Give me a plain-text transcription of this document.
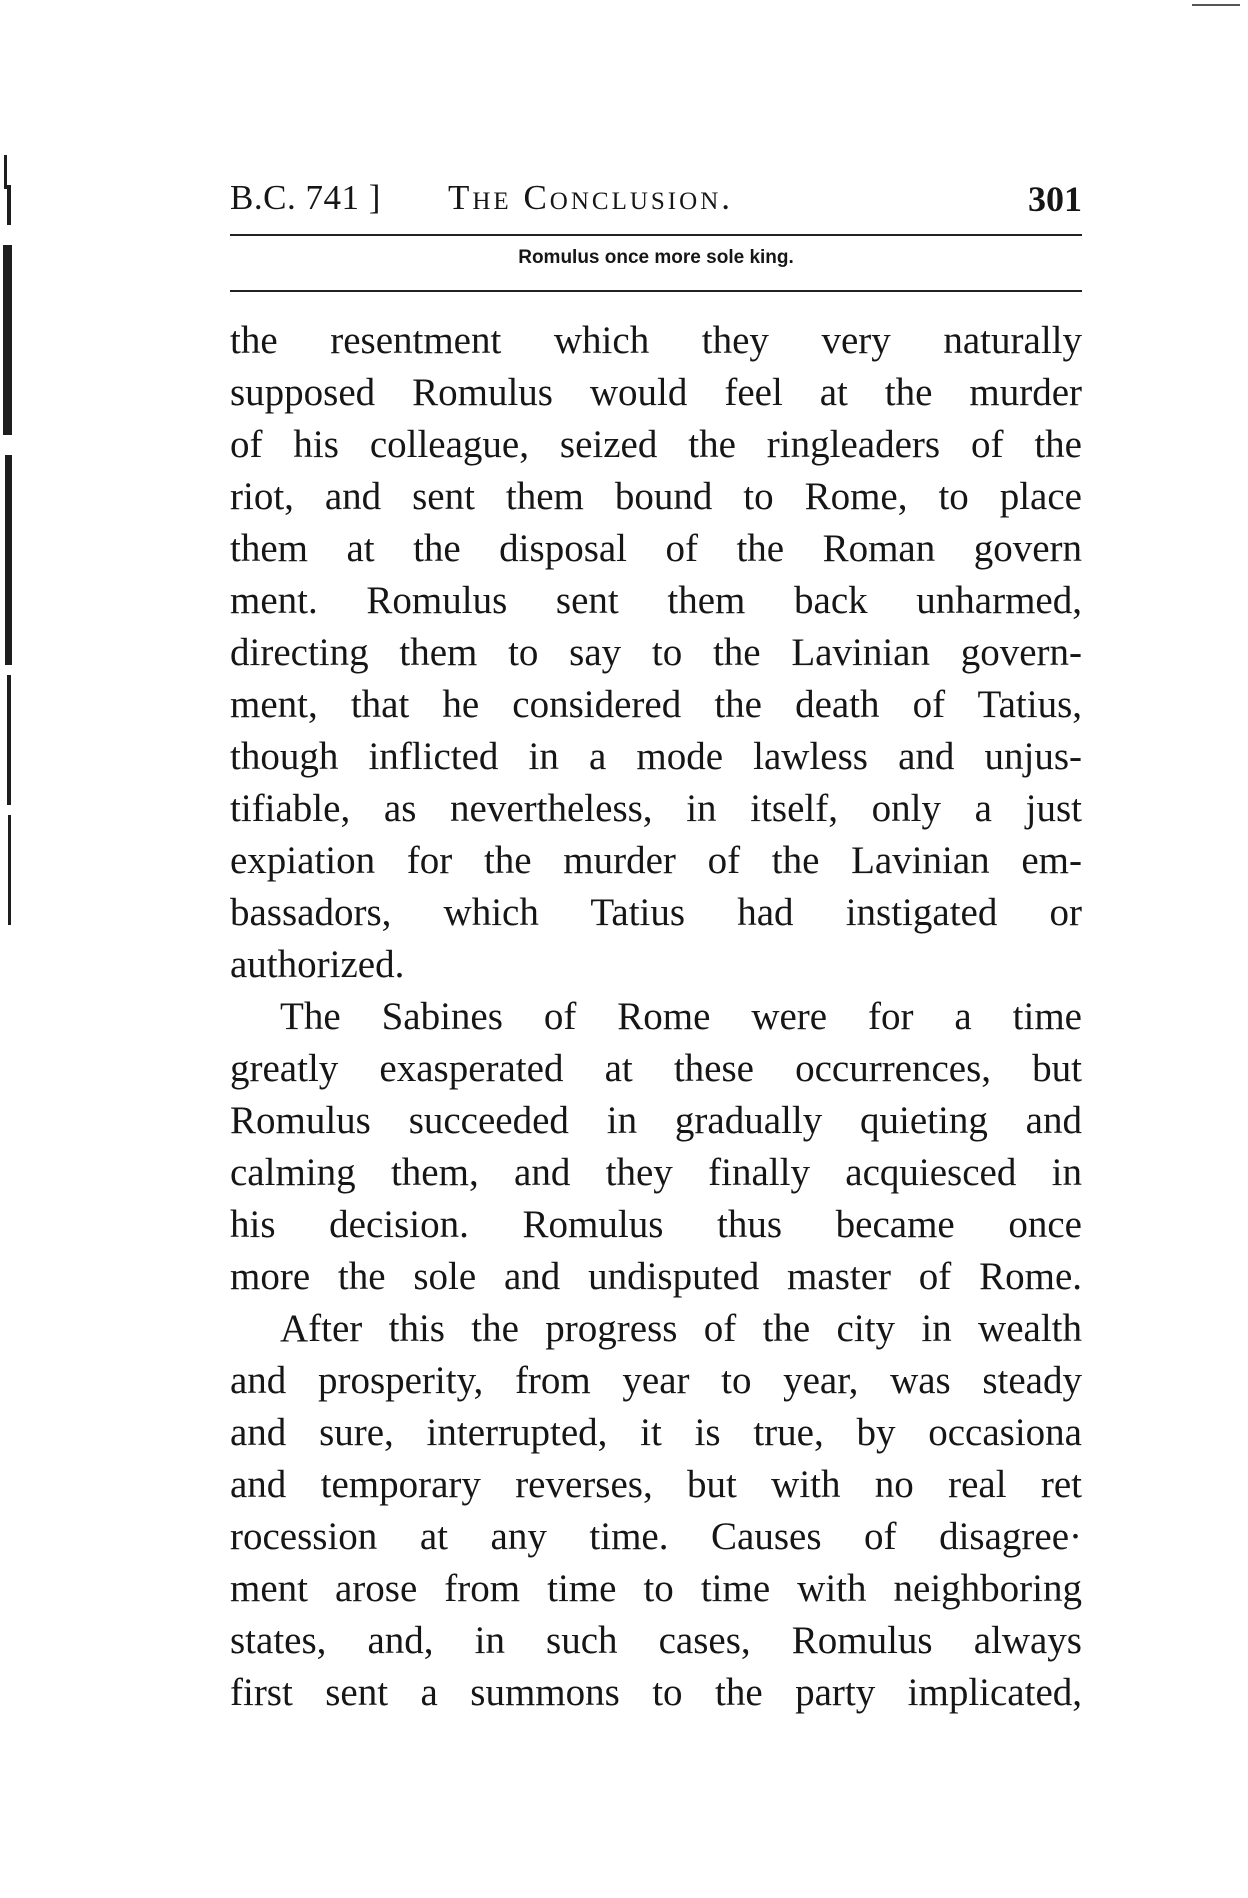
B.C. 741 ] The Conclusion.	301
Romulus once more sole king.
the resentment which they very naturally
supposed Romulus would feel at the murder
of his colleague, seized the ringleaders of the
riot, and sent them bound to Rome, to place
them at the disposal of the Roman govern
ment. Romulus sent them back unharmed,
directing them to say to the Lavinian govern-
ment, that he considered the death of Tatius,
though inflicted in a mode lawless and unjus-
tifiable, as nevertheless, in itself, only a just
expiation for the murder of the Lavinian em-
bassadors, which Tatius had instigated or
authorized.
The Sabines of Rome were for a time
greatly exasperated at these occurrences, but
Romulus succeeded in gradually quieting and
calming them, and they finally acquiesced in
his decision. Romulus thus became once
more the sole and undisputed master of Rome.
After this the progress of the city in wealth
and prosperity, from year to year, was steady
and sure, interrupted, it is true, by occasiona
and temporary reverses, but with no real ret
rocession at any time. Causes of disagree·
ment arose from time to time with neighboring
states, and, in such cases, Romulus always
first sent a summons to the party implicated,
